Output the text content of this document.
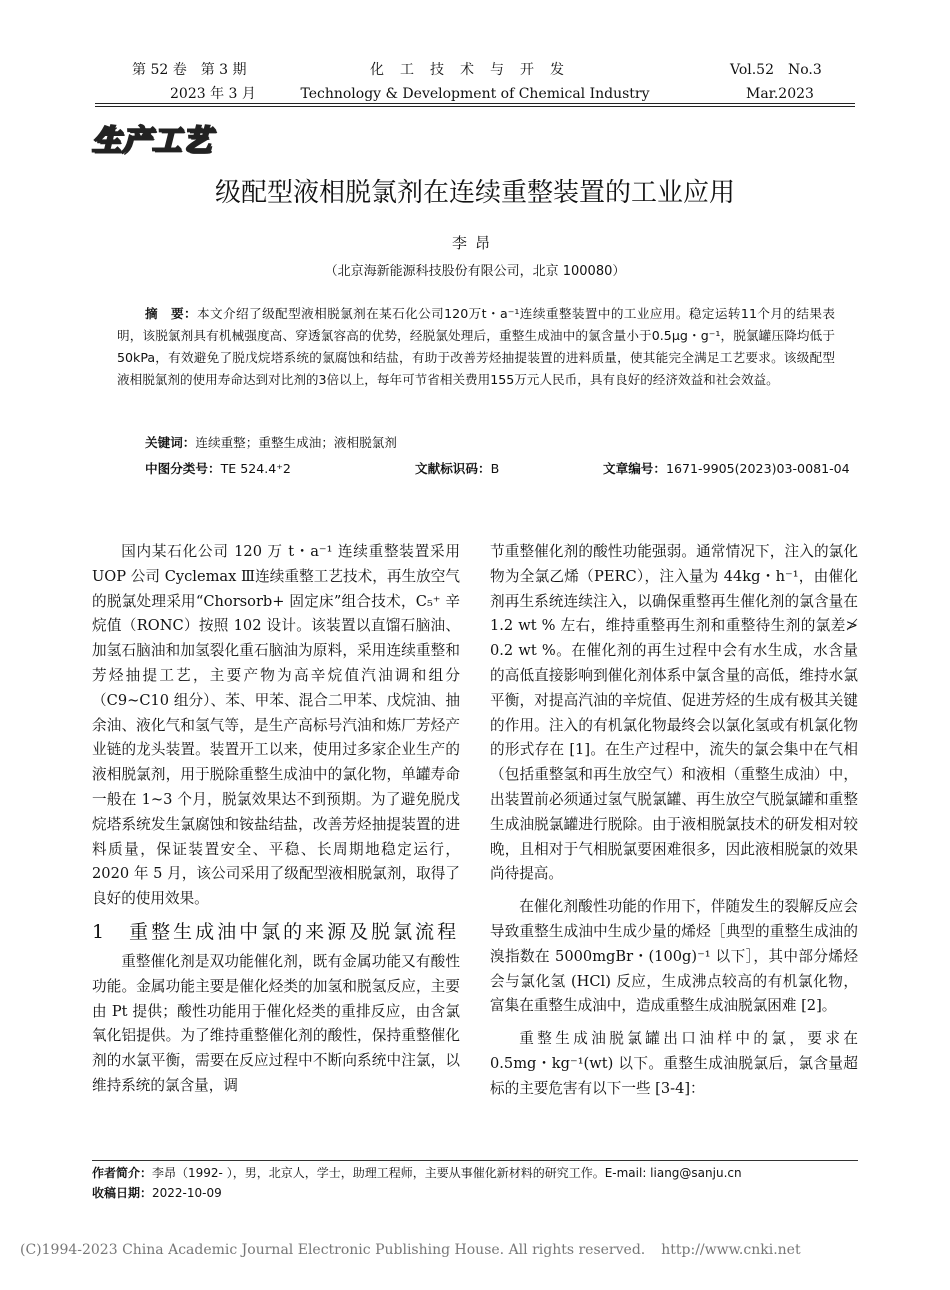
第 52 卷　第 3 期
2023 年 3 月
化工技术与开发
Technology & Development of Chemical Industry
Vol.52　No.3
Mar.2023
生产工艺
级配型液相脱氯剂在连续重整装置的工业应用
李昂
（北京海新能源科技股份有限公司，北京 100080）
摘　要：本文介绍了级配型液相脱氯剂在某石化公司120万t・a⁻¹连续重整装置中的工业应用。稳定运转11个月的结果表明，该脱氯剂具有机械强度高、穿透氯容高的优势，经脱氯处理后，重整生成油中的氯含量小于0.5μg・g⁻¹，脱氯罐压降均低于50kPa，有效避免了脱戊烷塔系统的氯腐蚀和结盐，有助于改善芳烃抽提装置的进料质量，使其能完全满足工艺要求。该级配型液相脱氯剂的使用寿命达到对比剂的3倍以上，每年可节省相关费用155万元人民币，具有良好的经济效益和社会效益。
关键词：连续重整；重整生成油；液相脱氯剂
中图分类号：TE 524.4⁺2	文献标识码：B	文章编号：1671-9905(2023)03-0081-04

国内某石化公司 120 万 t・a⁻¹ 连续重整装置采用 UOP 公司 Cyclemax Ⅲ连续重整工艺技术，再生放空气的脱氯处理采用“Chorsorb+ 固定床”组合技术，C₅⁺ 辛烷值（RONC）按照 102 设计。该装置以直馏石脑油、加氢石脑油和加氢裂化重石脑油为原料，采用连续重整和芳烃抽提工艺，主要产物为高辛烷值汽油调和组分（C9~C10 组分）、苯、甲苯、混合二甲苯、戊烷油、抽余油、液化气和氢气等，是生产高标号汽油和炼厂芳烃产业链的龙头装置。装置开工以来，使用过多家企业生产的液相脱氯剂，用于脱除重整生成油中的氯化物，单罐寿命一般在 1~3 个月，脱氯效果达不到预期。为了避免脱戊烷塔系统发生氯腐蚀和铵盐结盐，改善芳烃抽提装置的进料质量，保证装置安全、平稳、长周期地稳定运行，2020 年 5 月，该公司采用了级配型液相脱氯剂，取得了良好的使用效果。

1　重整生成油中氯的来源及脱氯流程

重整催化剂是双功能催化剂，既有金属功能又有酸性功能。金属功能主要是催化烃类的加氢和脱氢反应，主要由 Pt 提供；酸性功能用于催化烃类的重排反应，由含氯氧化铝提供。为了维持重整催化剂的酸性，保持重整催化剂的水氯平衡，需要在反应过程中不断向系统中注氯，以维持系统的氯含量，调

节重整催化剂的酸性功能强弱。通常情况下，注入的氯化物为全氯乙烯（PERC），注入量为 44kg・h⁻¹，由催化剂再生系统连续注入，以确保重整再生催化剂的氯含量在 1.2 wt % 左右，维持重整再生剂和重整待生剂的氯差≯ 0.2 wt %。在催化剂的再生过程中会有水生成，水含量的高低直接影响到催化剂体系中氯含量的高低，维持水氯平衡，对提高汽油的辛烷值、促进芳烃的生成有极其关键的作用。注入的有机氯化物最终会以氯化氢或有机氯化物的形式存在 [1]。在生产过程中，流失的氯会集中在气相（包括重整氢和再生放空气）和液相（重整生成油）中，出装置前必须通过氢气脱氯罐、再生放空气脱氯罐和重整生成油脱氯罐进行脱除。由于液相脱氯技术的研发相对较晚，且相对于气相脱氯要困难很多，因此液相脱氯的效果尚待提高。

在催化剂酸性功能的作用下，伴随发生的裂解反应会导致重整生成油中生成少量的烯烃［典型的重整生成油的溴指数在 5000mgBr・(100g)⁻¹ 以下］，其中部分烯烃会与氯化氢 (HCl) 反应，生成沸点较高的有机氯化物，富集在重整生成油中，造成重整生成油脱氯困难 [2]。

重整生成油脱氯罐出口油样中的氯，要求在 0.5mg・kg⁻¹(wt) 以下。重整生成油脱氯后，氯含量超标的主要危害有以下一些 [3-4]：

作者简介：李昂（1992- ），男，北京人，学士，助理工程师，主要从事催化新材料的研究工作。E-mail: liang@sanju.cn
收稿日期：2022-10-09
(C)1994-2023 China Academic Journal Electronic Publishing House. All rights reserved. http://www.cnki.net
